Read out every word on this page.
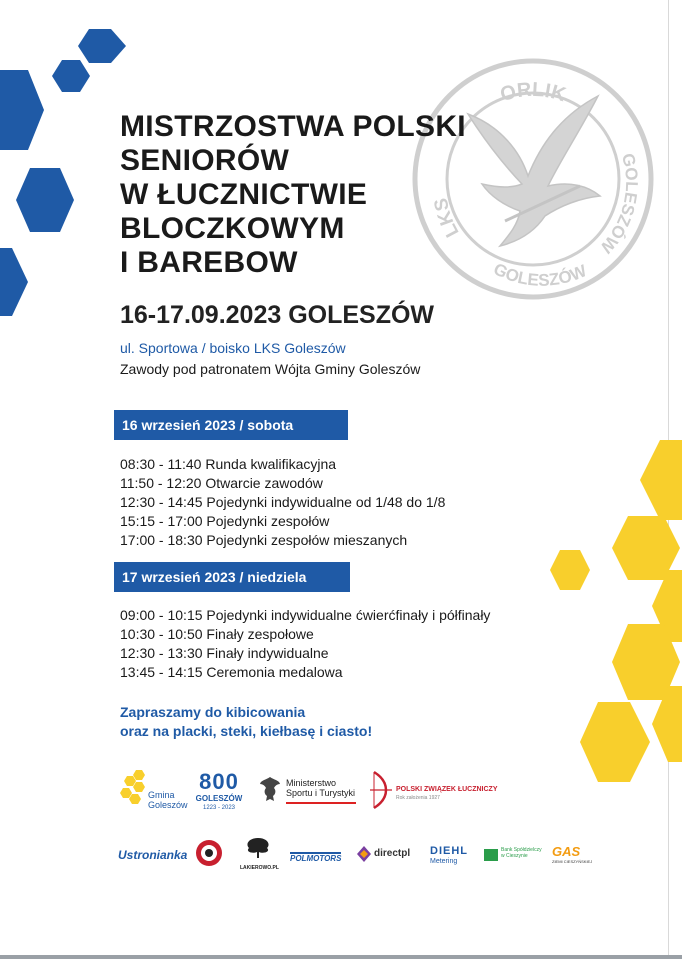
ORLIK
LKS
GOLESZÓW
GOLESZÓW
MISTRZOSTWA POLSKI
SENIORÓW
W ŁUCZNICTWIE
BLOCZKOWYM
I BAREBOW
16-17.09.2023 GOLESZÓW
ul. Sportowa / boisko LKS Goleszów
Zawody pod patronatem Wójta Gminy Goleszów
16 wrzesień 2023 / sobota
08:30 - 11:40 Runda kwalifikacyjna
11:50 - 12:20 Otwarcie zawodów
12:30 - 14:45 Pojedynki indywidualne od 1/48 do 1/8
15:15 - 17:00 Pojedynki zespołów
17:00 - 18:30 Pojedynki zespołów mieszanych
17 wrzesień 2023 / niedziela
09:00 - 10:15 Pojedynki indywidualne ćwierćfinały i półfinały
10:30 - 10:50 Finały zespołowe
12:30 - 13:30 Finały indywidualne
13:45 - 14:15 Ceremonia medalowa
Zapraszamy do kibicowania
oraz na placki, steki, kiełbasę i ciasto!
Gmina
Goleszów
800
GOLESZÓW
1223 - 2023
Ministerstwo
Sportu i Turystyki	POLSKI ZWIĄZEK ŁUCZNICZY
Rok założenia 1927
Ustronianka
LAKIEROWO.PL
POLMOTORS	directpl DIEHL
Metering
Bank Spółdzielczy
w Cieszynie	GAS
ZIEMI CIESZYŃSKIEJ
